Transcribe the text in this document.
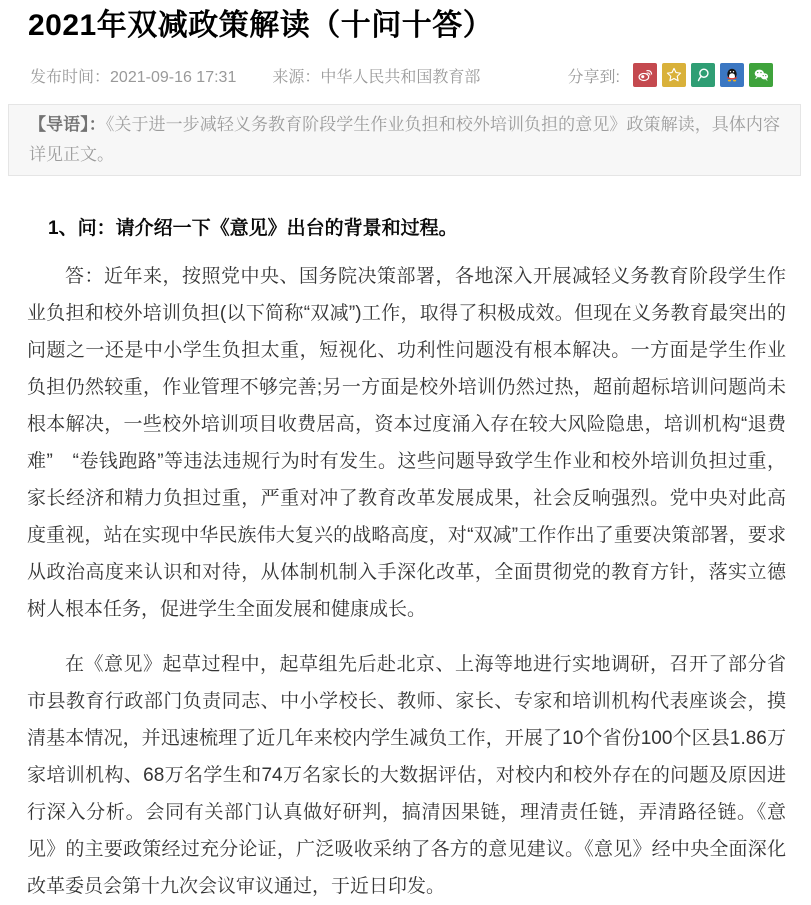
2021年双减政策解读（十问十答）
发布时间：2021-09-16 17:31 来源：中华人民共和国教育部	分享到:
【导语】：《关于进一步减轻义务教育阶段学生作业负担和校外培训负担的意见》政策解读，具体内容详见正文。
1、问：请介绍一下《意见》出台的背景和过程。

答：近年来，按照党中央、国务院决策部署，各地深入开展减轻义务教育阶段学生作业负担和校外培训负担(以下简称“双减”)工作，取得了积极成效。但现在义务教育最突出的问题之一还是中小学生负担太重，短视化、功利性问题没有根本解决。一方面是学生作业负担仍然较重，作业管理不够完善;另一方面是校外培训仍然过热，超前超标培训问题尚未根本解决，一些校外培训项目收费居高，资本过度涌入存在较大风险隐患，培训机构“退费难”　“卷钱跑路”等违法违规行为时有发生。这些问题导致学生作业和校外培训负担过重，家长经济和精力负担过重，严重对冲了教育改革发展成果，社会反响强烈。党中央对此高度重视，站在实现中华民族伟大复兴的战略高度，对“双减”工作作出了重要决策部署，要求从政治高度来认识和对待，从体制机制入手深化改革，全面贯彻党的教育方针，落实立德树人根本任务，促进学生全面发展和健康成长。

在《意见》起草过程中，起草组先后赴北京、上海等地进行实地调研，召开了部分省市县教育行政部门负责同志、中小学校长、教师、家长、专家和培训机构代表座谈会，摸清基本情况，并迅速梳理了近几年来校内学生减负工作，开展了10个省份100个区县1.86万家培训机构、68万名学生和74万名家长的大数据评估，对校内和校外存在的问题及原因进行深入分析。会同有关部门认真做好研判，搞清因果链，理清责任链，弄清路径链。《意见》的主要政策经过充分论证，广泛吸收采纳了各方的意见建议。《意见》经中央全面深化改革委员会第十九次会议审议通过，于近日印发。
